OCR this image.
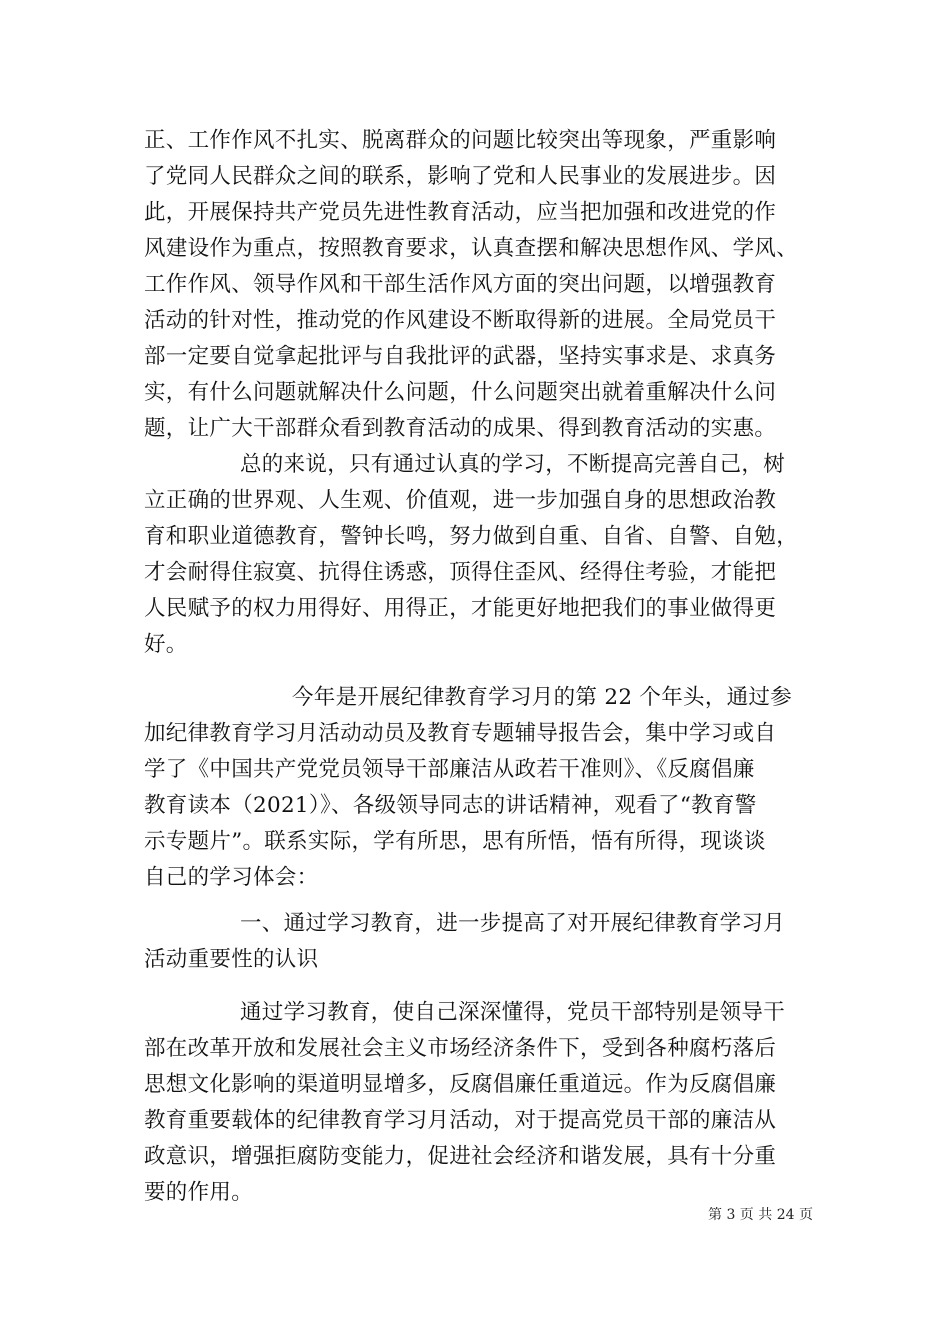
正、工作作风不扎实、脱离群众的问题比较突出等现象，严重影响
了党同人民群众之间的联系，影响了党和人民事业的发展进步。因
此，开展保持共产党员先进性教育活动，应当把加强和改进党的作
风建设作为重点，按照教育要求，认真查摆和解决思想作风、学风、
工作作风、领导作风和干部生活作风方面的突出问题，以增强教育
活动的针对性，推动党的作风建设不断取得新的进展。全局党员干
部一定要自觉拿起批评与自我批评的武器，坚持实事求是、求真务
实，有什么问题就解决什么问题，什么问题突出就着重解决什么问
题，让广大干部群众看到教育活动的成果、得到教育活动的实惠。
总的来说，只有通过认真的学习，不断提高完善自己，树
立正确的世界观、人生观、价值观，进一步加强自身的思想政治教
育和职业道德教育，警钟长鸣，努力做到自重、自省、自警、自勉，
才会耐得住寂寞、抗得住诱惑，顶得住歪风、经得住考验，才能把
人民赋予的权力用得好、用得正，才能更好地把我们的事业做得更
好。
今年是开展纪律教育学习月的第 22 个年头，通过参
加纪律教育学习月活动动员及教育专题辅导报告会，集中学习或自
学了《中国共产党党员领导干部廉洁从政若干准则》、《反腐倡廉
教育读本（2021）》、各级领导同志的讲话精神，观看了“教育警
示专题片”。联系实际，学有所思，思有所悟，悟有所得，现谈谈
自己的学习体会：
一、通过学习教育，进一步提高了对开展纪律教育学习月
活动重要性的认识
通过学习教育，使自己深深懂得，党员干部特别是领导干
部在改革开放和发展社会主义市场经济条件下，受到各种腐朽落后
思想文化影响的渠道明显增多，反腐倡廉任重道远。作为反腐倡廉
教育重要载体的纪律教育学习月活动，对于提高党员干部的廉洁从
政意识，增强拒腐防变能力，促进社会经济和谐发展，具有十分重
要的作用。
第 3 页 共 24 页
